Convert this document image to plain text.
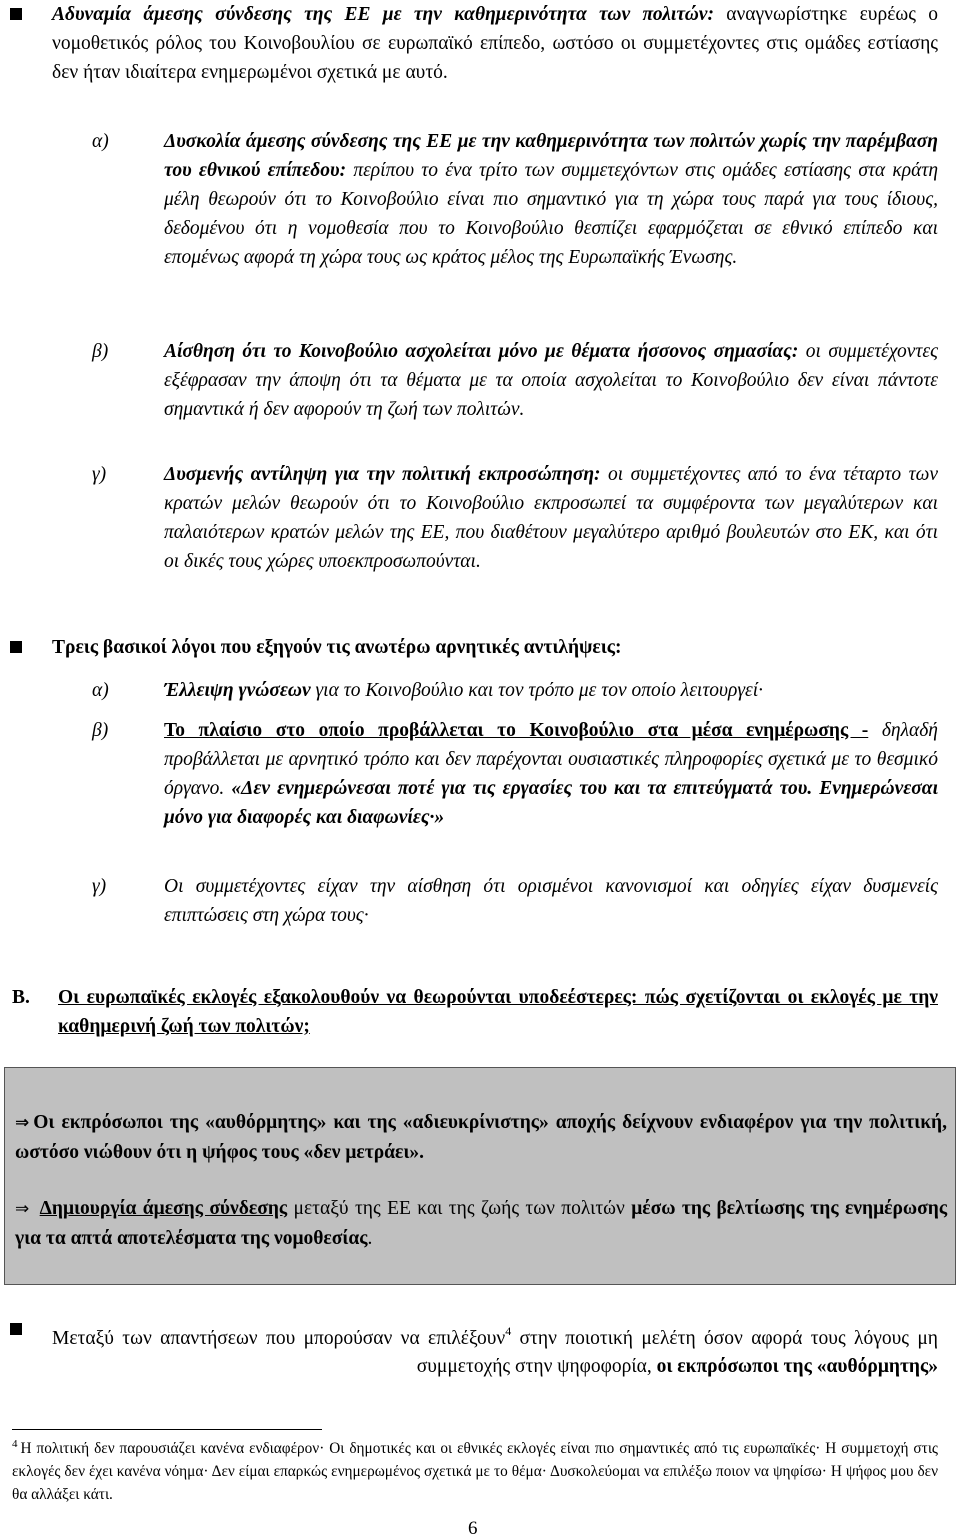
Αδυναμία άμεσης σύνδεσης της ΕΕ με την καθημερινότητα των πολιτών: αναγνωρίστηκε ευρέως ο νομοθετικός ρόλος του Κοινοβουλίου σε ευρωπαϊκό επίπεδο, ωστόσο οι συμμετέχοντες στις ομάδες εστίασης δεν ήταν ιδιαίτερα ενημερωμένοι σχετικά με αυτό.
α)	Δυσκολία άμεσης σύνδεσης της ΕΕ με την καθημερινότητα των πολιτών χωρίς την παρέμβαση του εθνικού επίπεδου: περίπου το ένα τρίτο των συμμετεχόντων στις ομάδες εστίασης στα κράτη μέλη θεωρούν ότι το Κοινοβούλιο είναι πιο σημαντικό για τη χώρα τους παρά για τους ίδιους, δεδομένου ότι η νομοθεσία που το Κοινοβούλιο θεσπίζει εφαρμόζεται σε εθνικό επίπεδο και επομένως αφορά τη χώρα τους ως κράτος μέλος της Ευρωπαϊκής Ένωσης.
β)	Αίσθηση ότι το Κοινοβούλιο ασχολείται μόνο με θέματα ήσσονος σημασίας: οι συμμετέχοντες εξέφρασαν την άποψη ότι τα θέματα με τα οποία ασχολείται το Κοινοβούλιο δεν είναι πάντοτε σημαντικά ή δεν αφορούν τη ζωή των πολιτών.
γ)	Δυσμενής αντίληψη για την πολιτική εκπροσώπηση: οι συμμετέχοντες από το ένα τέταρτο των κρατών μελών θεωρούν ότι το Κοινοβούλιο εκπροσωπεί τα συμφέροντα των μεγαλύτερων και παλαιότερων κρατών μελών της ΕΕ, που διαθέτουν μεγαλύτερο αριθμό βουλευτών στο ΕΚ, και ότι οι δικές τους χώρες υποεκπροσωπούνται.
Τρεις βασικοί λόγοι που εξηγούν τις ανωτέρω αρνητικές αντιλήψεις:
α)	Έλλειψη γνώσεων για το Κοινοβούλιο και τον τρόπο με τον οποίο λειτουργεί·
β)	Το πλαίσιο στο οποίο προβάλλεται το Κοινοβούλιο στα μέσα ενημέρωσης - δηλαδή προβάλλεται με αρνητικό τρόπο και δεν παρέχονται ουσιαστικές πληροφορίες σχετικά με το θεσμικό όργανο. «Δεν ενημερώνεσαι ποτέ για τις εργασίες του και τα επιτεύγματά του. Ενημερώνεσαι μόνο για διαφορές και διαφωνίες·»
γ)	Οι συμμετέχοντες είχαν την αίσθηση ότι ορισμένοι κανονισμοί και οδηγίες είχαν δυσμενείς επιπτώσεις στη χώρα τους·
Β.	Οι ευρωπαϊκές εκλογές εξακολουθούν να θεωρούνται υποδεέστερες: πώς σχετίζονται οι εκλογές με την καθημερινή ζωή των πολιτών;
⇒ Οι εκπρόσωποι της «αυθόρμητης» και της «αδιευκρίνιστης» αποχής δείχνουν ενδιαφέρον για την πολιτική, ωστόσο νιώθουν ότι η ψήφος τους «δεν μετράει».
⇒ Δημιουργία άμεσης σύνδεσης μεταξύ της ΕΕ και της ζωής των πολιτών μέσω της βελτίωσης της ενημέρωσης για τα απτά αποτελέσματα της νομοθεσίας.
Μεταξύ των απαντήσεων που μπορούσαν να επιλέξουν$^4$ στην ποιοτική μελέτη όσον αφορά τους λόγους μη συμμετοχής στην ψηφοφορία, οι εκπρόσωποι της «αυθόρμητης»
$^4$ Η πολιτική δεν παρουσιάζει κανένα ενδιαφέρον· Οι δημοτικές και οι εθνικές εκλογές είναι πιο σημαντικές από τις ευρωπαϊκές· Η συμμετοχή στις εκλογές δεν έχει κανένα νόημα· Δεν είμαι επαρκώς ενημερωμένος σχετικά με το θέμα· Δυσκολεύομαι να επιλέξω ποιον να ψηφίσω· Η ψήφος μου δεν θα αλλάξει κάτι.
6
